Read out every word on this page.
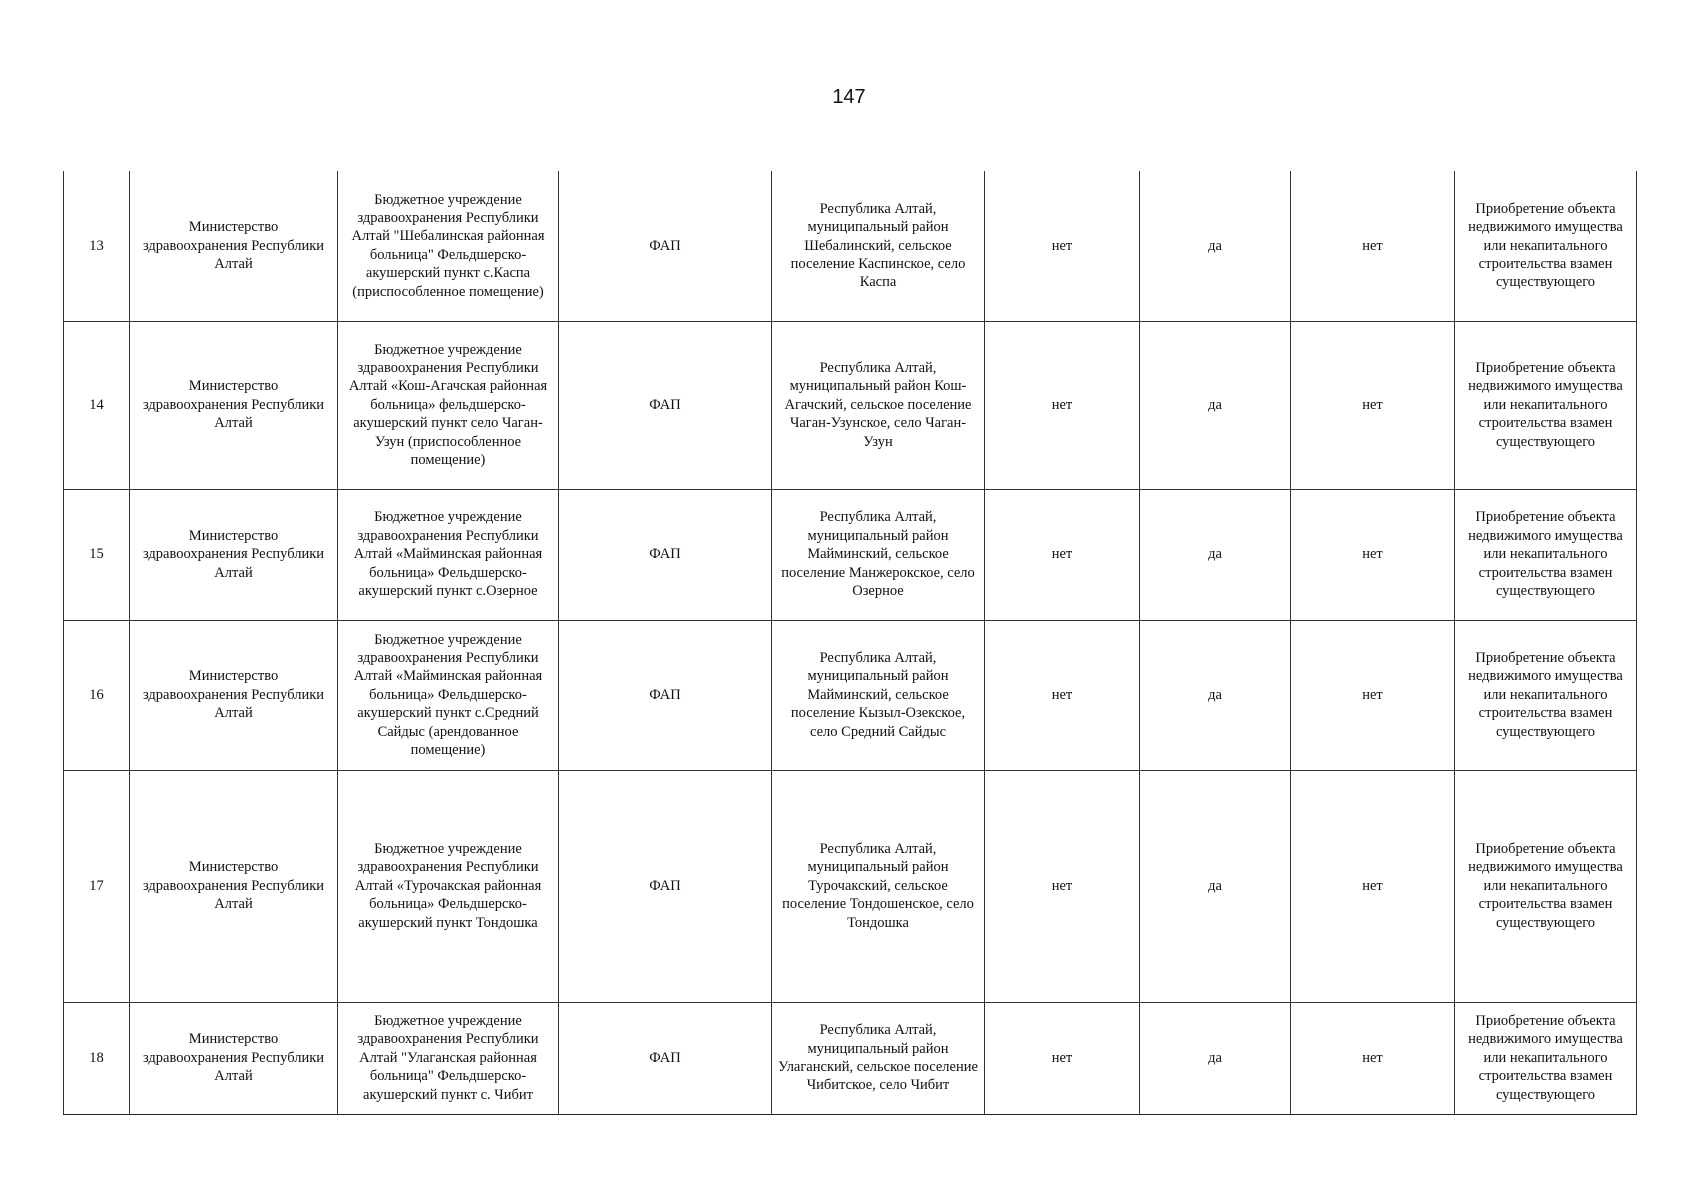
147
13	Министерство здравоохранения Республики Алтай	Бюджетное учреждение здравоохранения Республики Алтай "Шебалинская районная больница" Фельдшерско-акушерский пункт с.Каспа (приспособленное помещение)	ФАП	Республика Алтай, муниципальный район Шебалинский, сельское поселение Каспинское, село Каспа	нет	да	нет	Приобретение объекта недвижимого имущества или некапитального строительства взамен существующего
14	Министерство здравоохранения Республики Алтай	Бюджетное учреждение здравоохранения Республики Алтай «Кош-Агачская районная больница» фельдшерско-акушерский пункт село Чаган-Узун (приспособленное помещение)	ФАП	Республика Алтай, муниципальный район Кош-Агачский, сельское поселение Чаган-Узунское, село Чаган-Узун	нет	да	нет	Приобретение объекта недвижимого имущества или некапитального строительства взамен существующего
15	Министерство здравоохранения Республики Алтай	Бюджетное учреждение здравоохранения Республики Алтай «Майминская районная больница» Фельдшерско-акушерский пункт с.Озерное	ФАП	Республика Алтай, муниципальный район Майминский, сельское поселение Манжерокское, село Озерное	нет	да	нет	Приобретение объекта недвижимого имущества или некапитального строительства взамен существующего
16	Министерство здравоохранения Республики Алтай	Бюджетное учреждение здравоохранения Республики Алтай «Майминская районная больница» Фельдшерско-акушерский пункт с.Средний Сайдыс (арендованное помещение)	ФАП	Республика Алтай, муниципальный район Майминский, сельское поселение Кызыл-Озекское, село Средний Сайдыс	нет	да	нет	Приобретение объекта недвижимого имущества или некапитального строительства взамен существующего
17	Министерство здравоохранения Республики Алтай	Бюджетное учреждение здравоохранения Республики Алтай «Турочакская районная больница» Фельдшерско-акушерский пункт Тондошка	ФАП	Республика Алтай, муниципальный район Турочакский, сельское поселение Тондошенское, село Тондошка	нет	да	нет	Приобретение объекта недвижимого имущества или некапитального строительства взамен существующего
18	Министерство здравоохранения Республики Алтай	Бюджетное учреждение здравоохранения Республики Алтай "Улаганская районная больница" Фельдшерско-акушерский пункт с. Чибит	ФАП	Республика Алтай, муниципальный район Улаганский, сельское поселение Чибитское, село Чибит	нет	да	нет	Приобретение объекта недвижимого имущества или некапитального строительства взамен существующего
